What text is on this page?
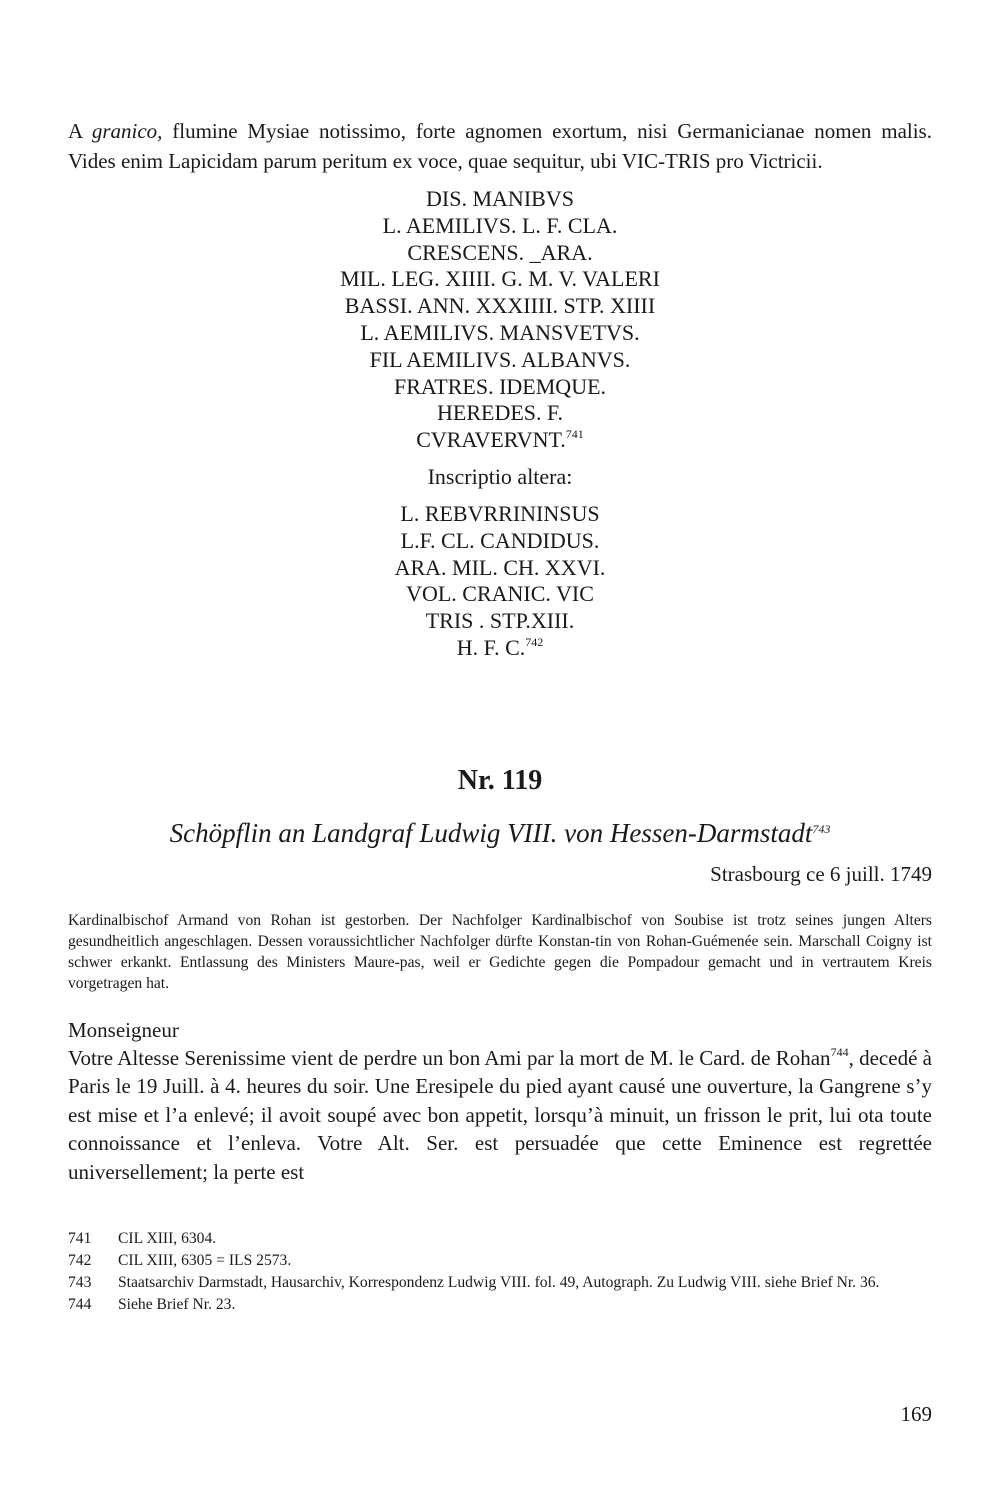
A granico, flumine Mysiae notissimo, forte agnomen exortum, nisi Germanicianae nomen malis. Vides enim Lapicidam parum peritum ex voce, quae sequitur, ubi VIC-TRIS pro Victricii.

DIS. MANIBVS
L. AEMILIVS. L. F. CLA.
CRESCENS. _ARA.
MIL. LEG. XIIII. G. M. V. VALERI
BASSI. ANN. XXXIIII. STP. XIIII
L. AEMILIVS. MANSVETVS.
FIL AEMILIVS. ALBANVS.
FRATRES. IDEMQUE.
HEREDES. F.
CVRAVERVNT.$^{741}$

Inscriptio altera:

L. REBVRRININSUS
L.F. CL. CANDIDUS.
ARA. MIL. CH. XXVI.
VOL. CRANIC. VIC
TRIS . STP.XIII.
H. F. C.$^{742}$

Nr. 119

Schöpflin an Landgraf Ludwig VIII. von Hessen-Darmstadt$^{743}$

Strasbourg ce 6 juill. 1749

Kardinalbischof Armand von Rohan ist gestorben. Der Nachfolger Kardinalbischof von Soubise ist trotz seines jungen Alters gesundheitlich angeschlagen. Dessen voraussichtlicher Nachfolger dürfte Konstan-tin von Rohan-Guémenée sein. Marschall Coigny ist schwer erkankt. Entlassung des Ministers Maure-pas, weil er Gedichte gegen die Pompadour gemacht und in vertrautem Kreis vorgetragen hat.

Monseigneur

Votre Altesse Serenissime vient de perdre un bon Ami par la mort de M. le Card. de Rohan$^{744}$, decedé à Paris le 19 Juill. à 4. heures du soir. Une Eresipele du pied ayant causé une ouverture, la Gangrene s’y est mise et l’a enlevé; il avoit soupé avec bon appetit, lorsqu’à minuit, un frisson le prit, lui ota toute connoissance et l’enleva. Votre Alt. Ser. est persuadée que cette Eminence est regrettée universellement; la perte est

741	CIL XIII, 6304.
742	CIL XIII, 6305 = ILS 2573.
743	Staatsarchiv Darmstadt, Hausarchiv, Korrespondenz Ludwig VIII. fol. 49, Autograph. Zu Ludwig VIII. siehe Brief Nr. 36.
744	Siehe Brief Nr. 23.
169
